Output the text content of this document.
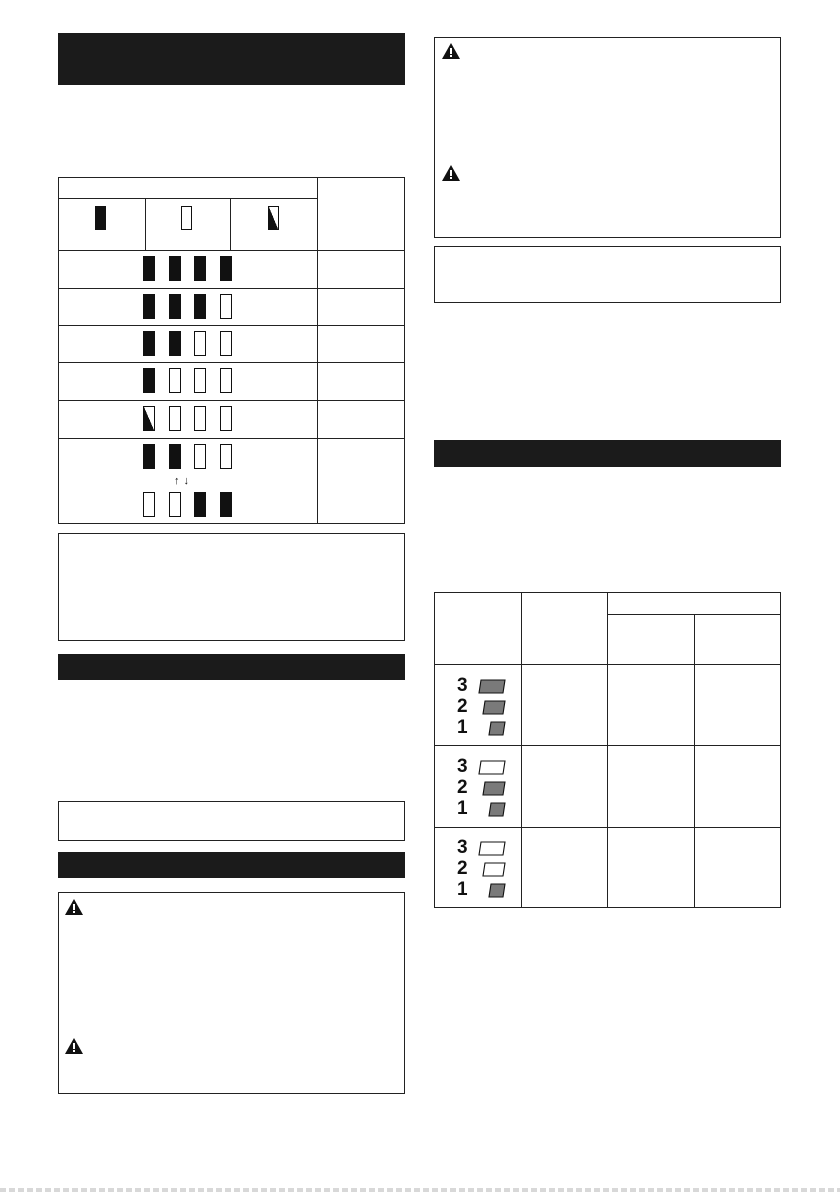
↑↓
3
2
1
3
2
1
3
2
1
